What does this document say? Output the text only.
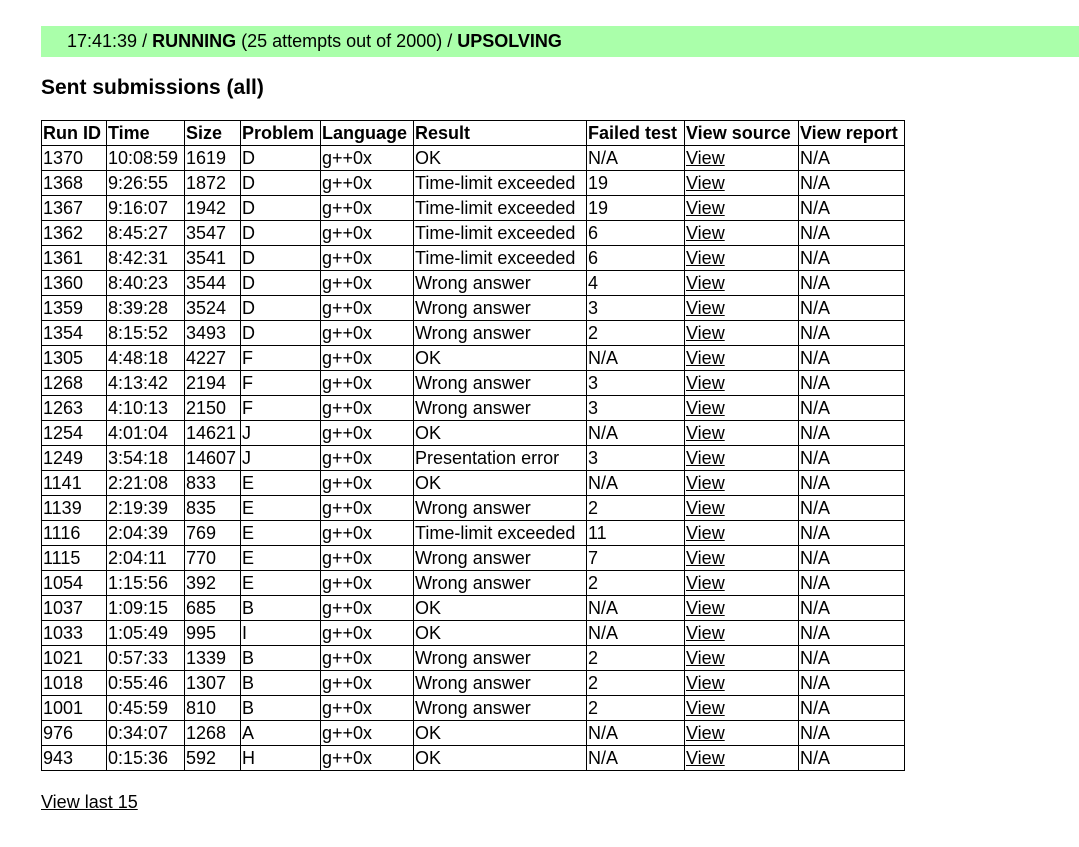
17:41:39 / RUNNING (25 attempts out of 2000) / UPSOLVING
Sent submissions (all)
Run ID	Time	Size	Problem	Language	Result	Failed test	View source	View report
1370	10:08:59	1619	D	g++0x	OK	N/A	View	N/A
1368	9:26:55	1872	D	g++0x	Time-limit exceeded	19	View	N/A
1367	9:16:07	1942	D	g++0x	Time-limit exceeded	19	View	N/A
1362	8:45:27	3547	D	g++0x	Time-limit exceeded	6	View	N/A
1361	8:42:31	3541	D	g++0x	Time-limit exceeded	6	View	N/A
1360	8:40:23	3544	D	g++0x	Wrong answer	4	View	N/A
1359	8:39:28	3524	D	g++0x	Wrong answer	3	View	N/A
1354	8:15:52	3493	D	g++0x	Wrong answer	2	View	N/A
1305	4:48:18	4227	F	g++0x	OK	N/A	View	N/A
1268	4:13:42	2194	F	g++0x	Wrong answer	3	View	N/A
1263	4:10:13	2150	F	g++0x	Wrong answer	3	View	N/A
1254	4:01:04	14621	J	g++0x	OK	N/A	View	N/A
1249	3:54:18	14607	J	g++0x	Presentation error	3	View	N/A
1141	2:21:08	833	E	g++0x	OK	N/A	View	N/A
1139	2:19:39	835	E	g++0x	Wrong answer	2	View	N/A
1116	2:04:39	769	E	g++0x	Time-limit exceeded	11	View	N/A
1115	2:04:11	770	E	g++0x	Wrong answer	7	View	N/A
1054	1:15:56	392	E	g++0x	Wrong answer	2	View	N/A
1037	1:09:15	685	B	g++0x	OK	N/A	View	N/A
1033	1:05:49	995	I	g++0x	OK	N/A	View	N/A
1021	0:57:33	1339	B	g++0x	Wrong answer	2	View	N/A
1018	0:55:46	1307	B	g++0x	Wrong answer	2	View	N/A
1001	0:45:59	810	B	g++0x	Wrong answer	2	View	N/A
976	0:34:07	1268	A	g++0x	OK	N/A	View	N/A
943	0:15:36	592	H	g++0x	OK	N/A	View	N/A
View last 15
